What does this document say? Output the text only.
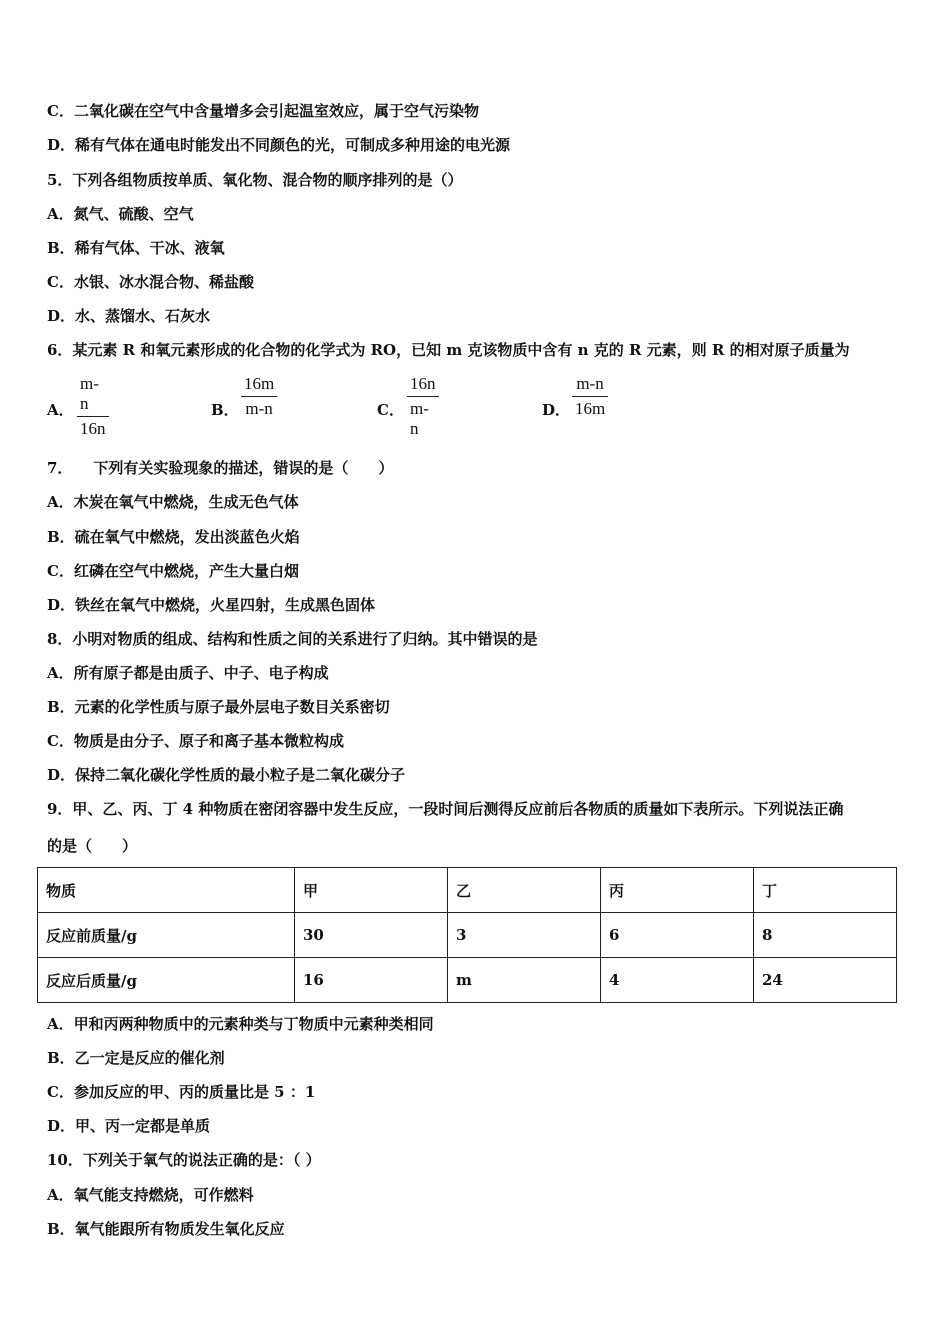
C．二氧化碳在空气中含量增多会引起温室效应，属于空气污染物
D．稀有气体在通电时能发出不同颜色的光，可制成多种用途的电光源
5．下列各组物质按单质、氧化物、混合物的顺序排列的是（）
A．氮气、硫酸、空气
B．稀有气体、干冰、液氧
C．水银、冰水混合物、稀盐酸
D．水、蒸馏水、石灰水
6．某元素 R 和氧元素形成的化合物的化学式为 RO，已知 m 克该物质中含有 n 克的 R 元素，则 R 的相对原子质量为
A．
m-n
16n
B．
16m
m-n	C．
16n
m-n
D．
m-n
16m
7．    下列有关实验现象的描述，错误的是（　　）
A．木炭在氧气中燃烧，生成无色气体
B．硫在氧气中燃烧，发出淡蓝色火焰
C．红磷在空气中燃烧，产生大量白烟
D．铁丝在氧气中燃烧，火星四射，生成黑色固体
8．小明对物质的组成、结构和性质之间的关系进行了归纳。其中错误的是
A．所有原子都是由质子、中子、电子构成
B．元素的化学性质与原子最外层电子数目关系密切
C．物质是由分子、原子和离子基本微粒构成
D．保持二氧化碳化学性质的最小粒子是二氧化碳分子
9．甲、乙、丙、丁 4 种物质在密闭容器中发生反应，一段时间后测得反应前后各物质的质量如下表所示。下列说法正确
的是（　　）
物质	甲	乙	丙	丁
反应前质量/g	30	3	6	8
反应后质量/g	16	m	4	24
A．甲和丙两种物质中的元素种类与丁物质中元素种类相同
B．乙一定是反应的催化剂
C．参加反应的甲、丙的质量比是 5 ：1
D．甲、丙一定都是单质
10．下列关于氧气的说法正确的是：（ ）
A．氧气能支持燃烧，可作燃料
B．氧气能跟所有物质发生氧化反应
